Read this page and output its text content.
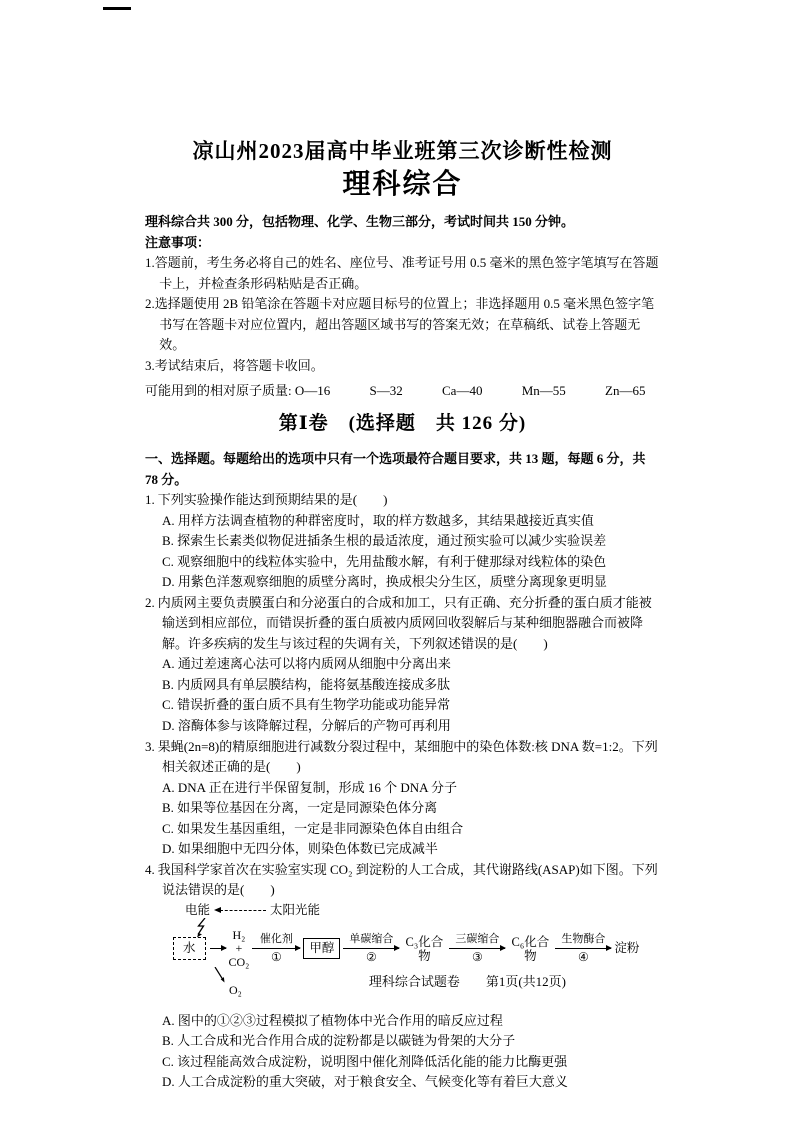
凉山州2023届高中毕业班第三次诊断性检测
理科综合

理科综合共 300 分，包括物理、化学、生物三部分，考试时间共 150 分钟。

注意事项：

1.答题前，考生务必将自己的姓名、座位号、准考证号用 0.5 毫米的黑色签字笔填写在答题卡上，并检查条形码粘贴是否正确。

2.选择题使用 2B 铅笔涂在答题卡对应题目标号的位置上；非选择题用 0.5 毫米黑色签字笔书写在答题卡对应位置内，超出答题区域书写的答案无效；在草稿纸、试卷上答题无效。

3.考试结束后，将答题卡收回。

可能用到的相对原子质量: O—16	S—32	Ca—40	Mn—55	Zn—65

第Ⅰ卷　(选择题　共 126 分)

一、选择题。每题给出的选项中只有一个选项最符合题目要求，共 13 题，每题 6 分，共 78 分。

1. 下列实验操作能达到预期结果的是(　　)

A. 用样方法调查植物的种群密度时，取的样方数越多，其结果越接近真实值

B. 探索生长素类似物促进插条生根的最适浓度，通过预实验可以减少实验误差

C. 观察细胞中的线粒体实验中，先用盐酸水解，有利于健那绿对线粒体的染色

D. 用紫色洋葱观察细胞的质壁分离时，换成根尖分生区，质壁分离现象更明显

2. 内质网主要负责膜蛋白和分泌蛋白的合成和加工，只有正确、充分折叠的蛋白质才能被输送到相应部位，而错误折叠的蛋白质被内质网回收裂解后与某种细胞器融合而被降解。许多疾病的发生与该过程的失调有关，下列叙述错误的是(　　)

A. 通过差速离心法可以将内质网从细胞中分离出来

B. 内质网具有单层膜结构，能将氨基酸连接成多肽

C. 错误折叠的蛋白质不具有生物学功能或功能异常

D. 溶酶体参与该降解过程，分解后的产物可再利用

3. 果蝇(2n=8)的精原细胞进行减数分裂过程中，某细胞中的染色体数:核 DNA 数=1:2。下列相关叙述正确的是(　　)

A. DNA 正在进行半保留复制，形成 16 个 DNA 分子

B. 如果等位基因在分离，一定是同源染色体分离

C. 如果发生基因重组，一定是非同源染色体自由组合

D. 如果细胞中无四分体，则染色体数已完成减半

4. 我国科学家首次在实验室实现 CO₂ 到淀粉的人工合成，其代谢路线(ASAP)如下图。下列说法错误的是(　　)

电能	太阳光能
水
H₂
+
CO₂
催化剂
①
甲醇
单碳缩合
②
C₃化合物
三碳缩合
③
C₆化合物
生物酶合
④
淀粉
O₂

A. 图中的①②③过程模拟了植物体中光合作用的暗反应过程

B. 人工合成和光合作用合成的淀粉都是以碳链为骨架的大分子

C. 该过程能高效合成淀粉，说明图中催化剂降低活化能的能力比酶更强

D. 人工合成淀粉的重大突破，对于粮食安全、气候变化等有着巨大意义

理科综合试题卷　　第1页(共12页)
